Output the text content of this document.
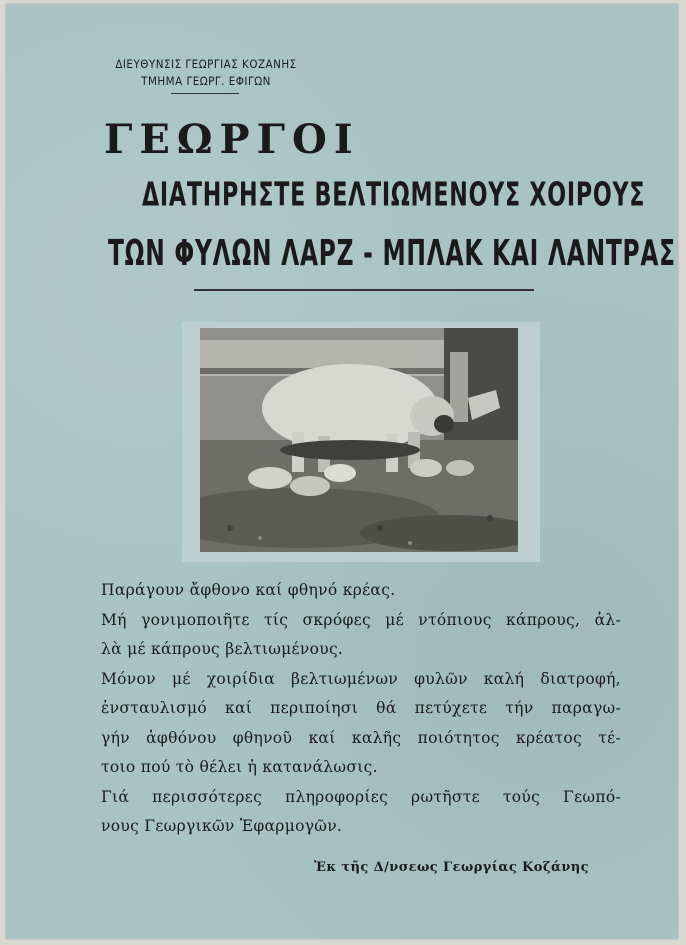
ΔΙΕΥΘΥΝΣΙΣ ΓΕΩΡΓΙΑΣ ΚΟΖΑΝΗΣ
ΤΜΗΜΑ ΓΕΩΡΓ. ΕΦΙΓΩΝ
ΓΕΩΡΓΟΙ
ΔΙΑΤΗΡΗΣΤΕ ΒΕΛΤΙΩΜΕΝΟΥΣ ΧΟΙΡΟΥΣ
ΤΩΝ ΦΥΛΩΝ ΛΑΡΖ - ΜΠΛΑΚ ΚΑΙ ΛΑΝΤΡΑΣ
Παράγουν ἄφθονο καί φθηνό κρέας.
Μή γονιμοποιῆτε τίς σκρόφες μέ ντόπιους κάπρους, ἀλ-
λὰ μέ κάπρους βελτιωμένους.
Μόνον μέ χοιρίδια βελτιωμένων φυλῶν καλή διατροφή,
ἐνσταυλισμό καί περιποίησι θά πετύχετε τήν παραγω-
γήν ἀφθόνου φθηνοῦ καί καλῆς ποιότητος κρέατος τέ-
τοιο πού τὸ θέλει ἡ κατανάλωσις.
Γιά περισσότερες πληροφορίες ρωτῆστε τούς Γεωπό-
νους Γεωργικῶν Ἐφαρμογῶν.
Ἐκ τῆς Δ/νσεως Γεωργίας Κοζάνης
